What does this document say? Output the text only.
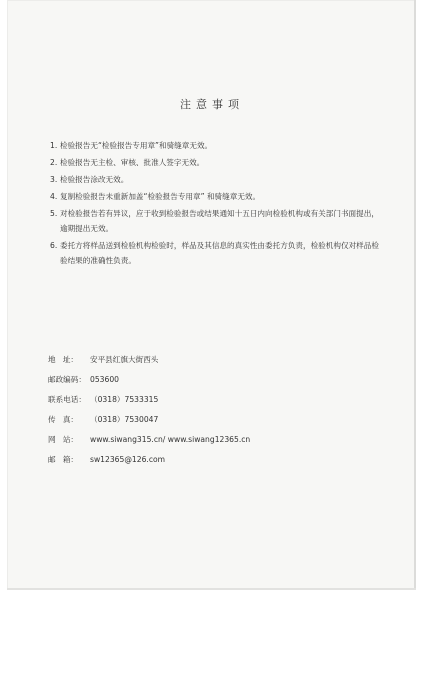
注意事项
1. 检验报告无“检验报告专用章”和骑缝章无效。
2. 检验报告无主检、审核、批准人签字无效。
3. 检验报告涂改无效。
4. 复制检验报告未重新加盖“检验报告专用章” 和骑缝章无效。
5. 对检验报告若有异议，应于收到检验报告或结果通知十五日内向检验机构或有关部门书面提出，逾期提出无效。
6. 委托方将样品送到检验机构检验时，样品及其信息的真实性由委托方负责，检验机构仅对样品检验结果的准确性负责。
地 址： 安平县红旗大街西头
邮政编码： 053600
联系电话： （0318）7533315
传 真： （0318）7530047
网 站： www.siwang315.cn/ www.siwang12365.cn
邮 箱： sw12365@126.com
